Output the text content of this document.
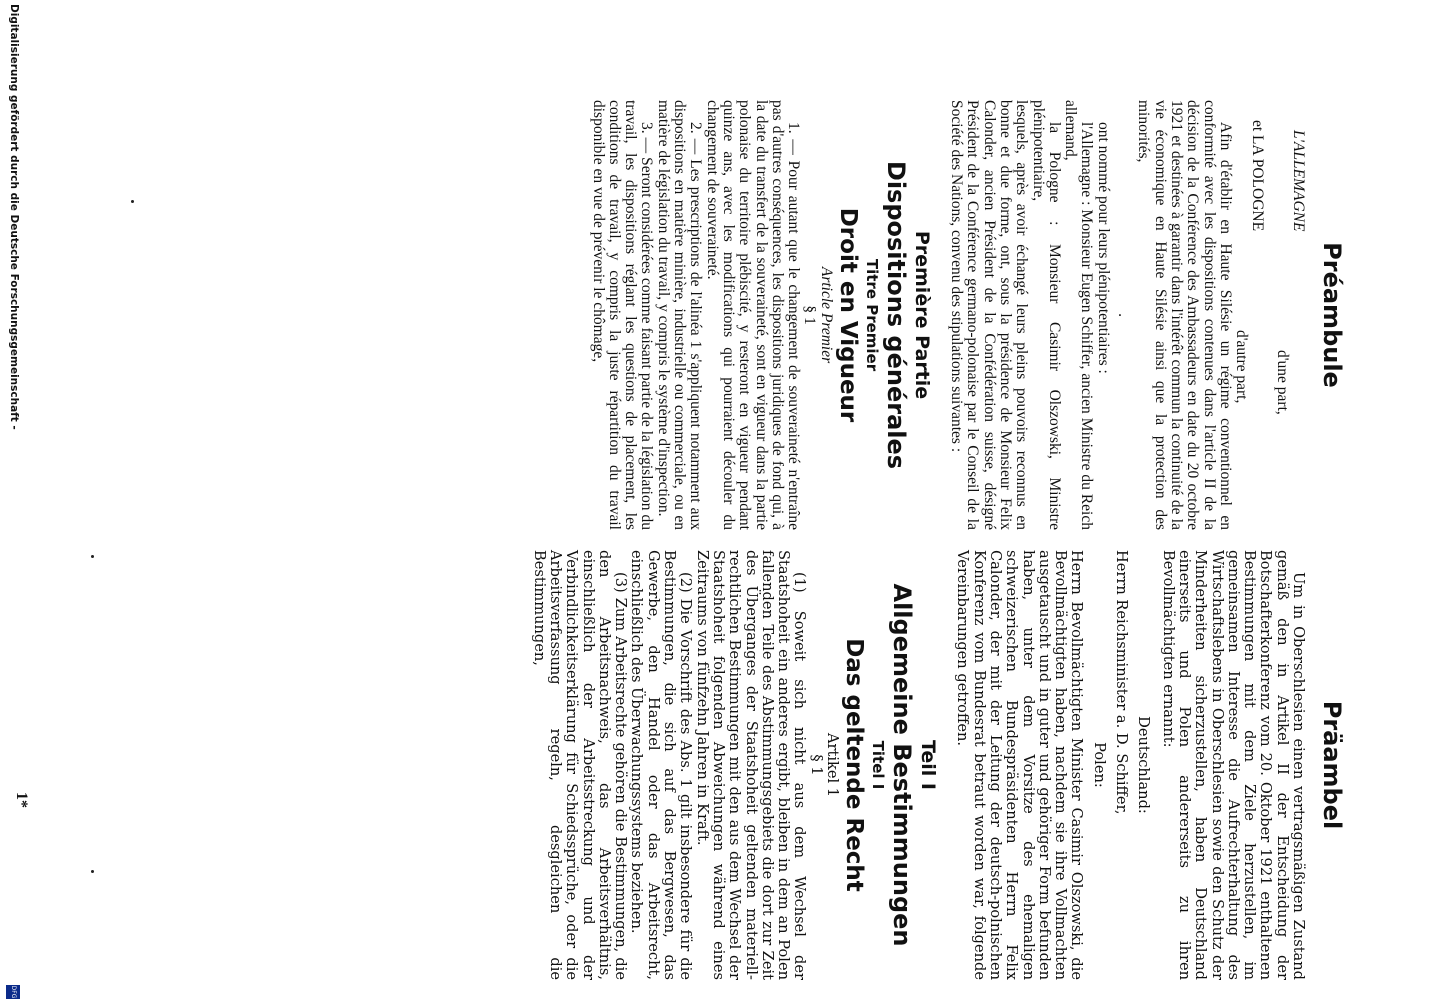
Préambule

L'ALLEMAGNE

d'une part,

et LA POLOGNE

d'autre part,

Afin d'établir en Haute Silésie un régime conventionnel en conformité avec les dispositions contenues dans l'article II de la décision de la Conférence des Ambassadeurs en date du 20 octobre 1921 et destinées à garantir dans l'intérêt commun la continuité de la vie économique en Haute Silésie ainsi que la protection des minorités,

.

ont nommé pour leurs plénipotentiaires :

l'Allemagne : Monsieur Eugen Schiffer, ancien Ministre du Reich allemand,

la Pologne : Monsieur Casimir Olszowski, Ministre plénipotentiaire,

lesquels, après avoir échangé leurs pleins pouvoirs reconnus en bonne et due forme, ont, sous la présidence de Monsieur Felix Calonder, ancien Président de la Confédération suisse, désigné Président de la Conférence germano-polonaise par le Conseil de la Société des Nations, convenu des stipulations suivantes :

Première Partie
Dispositions générales
Titre Premier
Droit en Vigueur

Article Premier

§ 1

1. — Pour autant que le changement de souveraineté n'entraîne pas d'autres conséquences, les dispositions juridiques de fond qui, à la date du transfert de la souveraineté, sont en vigueur dans la partie polonaise du territoire plébiscité, y resteront en vigueur pendant quinze ans, avec les modifications qui pourraient découler du changement de souveraineté.

2. — Les prescriptions de l'alinéa 1 s'appliquent notamment aux dispositions en matière minière, industrielle ou commerciale, ou en matière de législation du travail, y compris le système d'inspection.

3. — Seront considérées comme faisant partie de la législation du travail, les dispositions réglant les questions de placement, les conditions de travail, y compris la juste répartition du travail disponible en vue de prévenir le chômage,

Präambel

Um in Oberschlesien einen vertragsmäßigen Zustand gemäß den in Artikel II der Entscheidung der Botschafterkonferenz vom 20. Oktober 1921 enthaltenen Bestimmungen mit dem Ziele herzustellen, im gemeinsamen Interesse die Aufrechterhaltung des Wirtschaftslebens in Oberschlesien sowie den Schutz der Minderheiten sicherzustellen, haben Deutschland einerseits und Polen andererseits zu ihren Bevollmächtigten ernannt:

Deutschland:

Herrn Reichsminister a. D. Schiffer,

Polen:

Herrn Bevollmächtigten Minister Casimir Olszowski, die Bevollmächtigten haben, nachdem sie ihre Vollmachten ausgetauscht und in guter und gehöriger Form befunden haben, unter dem Vorsitze des ehemaligen schweizerischen Bundespräsidenten Herrn Felix Calonder, der mit der Leitung der deutsch-polnischen Konferenz vom Bundesrat betraut worden war, folgende Vereinbarungen getroffen.

Teil I
Allgemeine Bestimmungen
Titel I
Das geltende Recht

Artikel 1

§ 1

(1) Soweit sich nicht aus dem Wechsel der Staatshoheit ein anderes ergibt, bleiben in dem an Polen fallenden Teile des Abstimmungsgebiets die dort zur Zeit des Überganges der Staatshoheit geltenden materiell-rechtlichen Bestimmungen mit den aus dem Wechsel der Staatshoheit folgenden Abweichungen während eines Zeitraums von fünfzehn Jahren in Kraft.

(2) Die Vorschrift des Abs. 1 gilt insbesondere für die Bestimmungen, die sich auf das Bergwesen, das Gewerbe, den Handel oder das Arbeitsrecht, einschließlich des Überwachungssystems beziehen.

(3) Zum Arbeitsrechte gehören die Bestimmungen, die den Arbeitsnachweis, das Arbeitsverhältnis, einschließlich der Arbeitsstreckung und der Verbindlichkeitserklärung für Schiedssprüche, oder die Arbeitsverfassung regeln, desgleichen die Bestimmungen,

1*
Digitalisierung gefördert durch die Deutsche Forschungsgemeinschaft -
DFG
